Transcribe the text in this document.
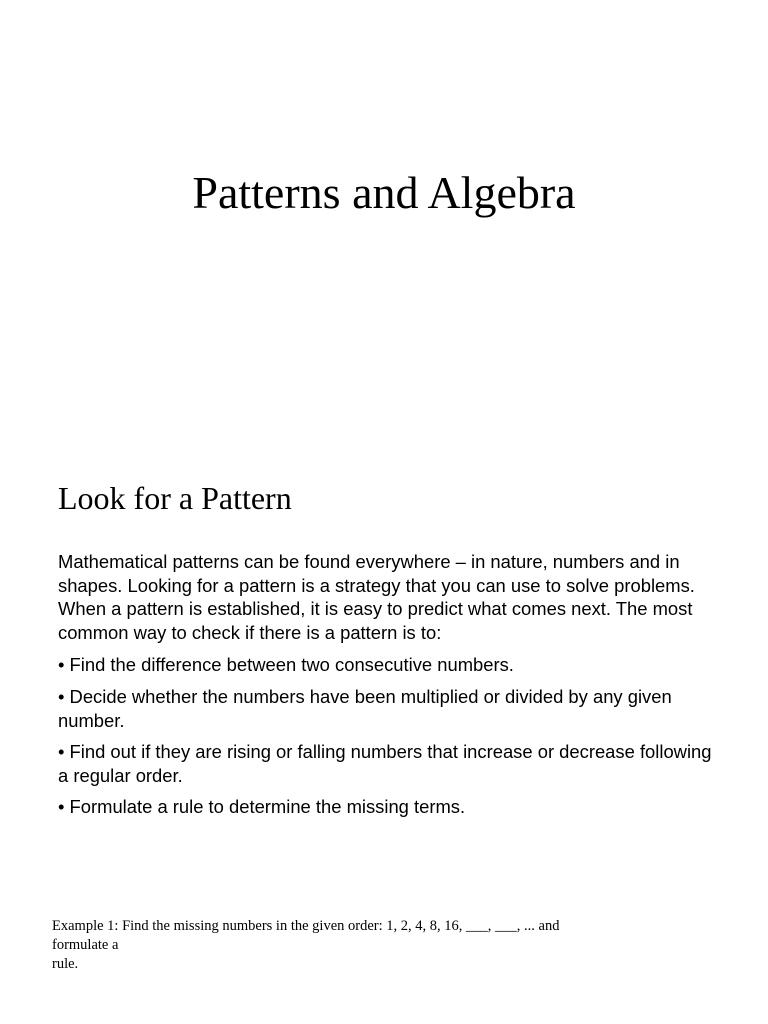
Patterns and Algebra
Look for a Pattern

Mathematical patterns can be found everywhere – in nature, numbers and in shapes. Looking for a pattern is a strategy that you can use to solve problems. When a pattern is established, it is easy to predict what comes next. The most common way to check if there is a pattern is to:

• Find the difference between two consecutive numbers.

• Decide whether the numbers have been multiplied or divided by any given number.

• Find out if they are rising or falling numbers that increase or decrease following a regular order.

• Formulate a rule to determine the missing terms.

Example 1: Find the missing numbers in the given order: 1, 2, 4, 8, 16, ___, ___, ... and
formulate a
rule.
